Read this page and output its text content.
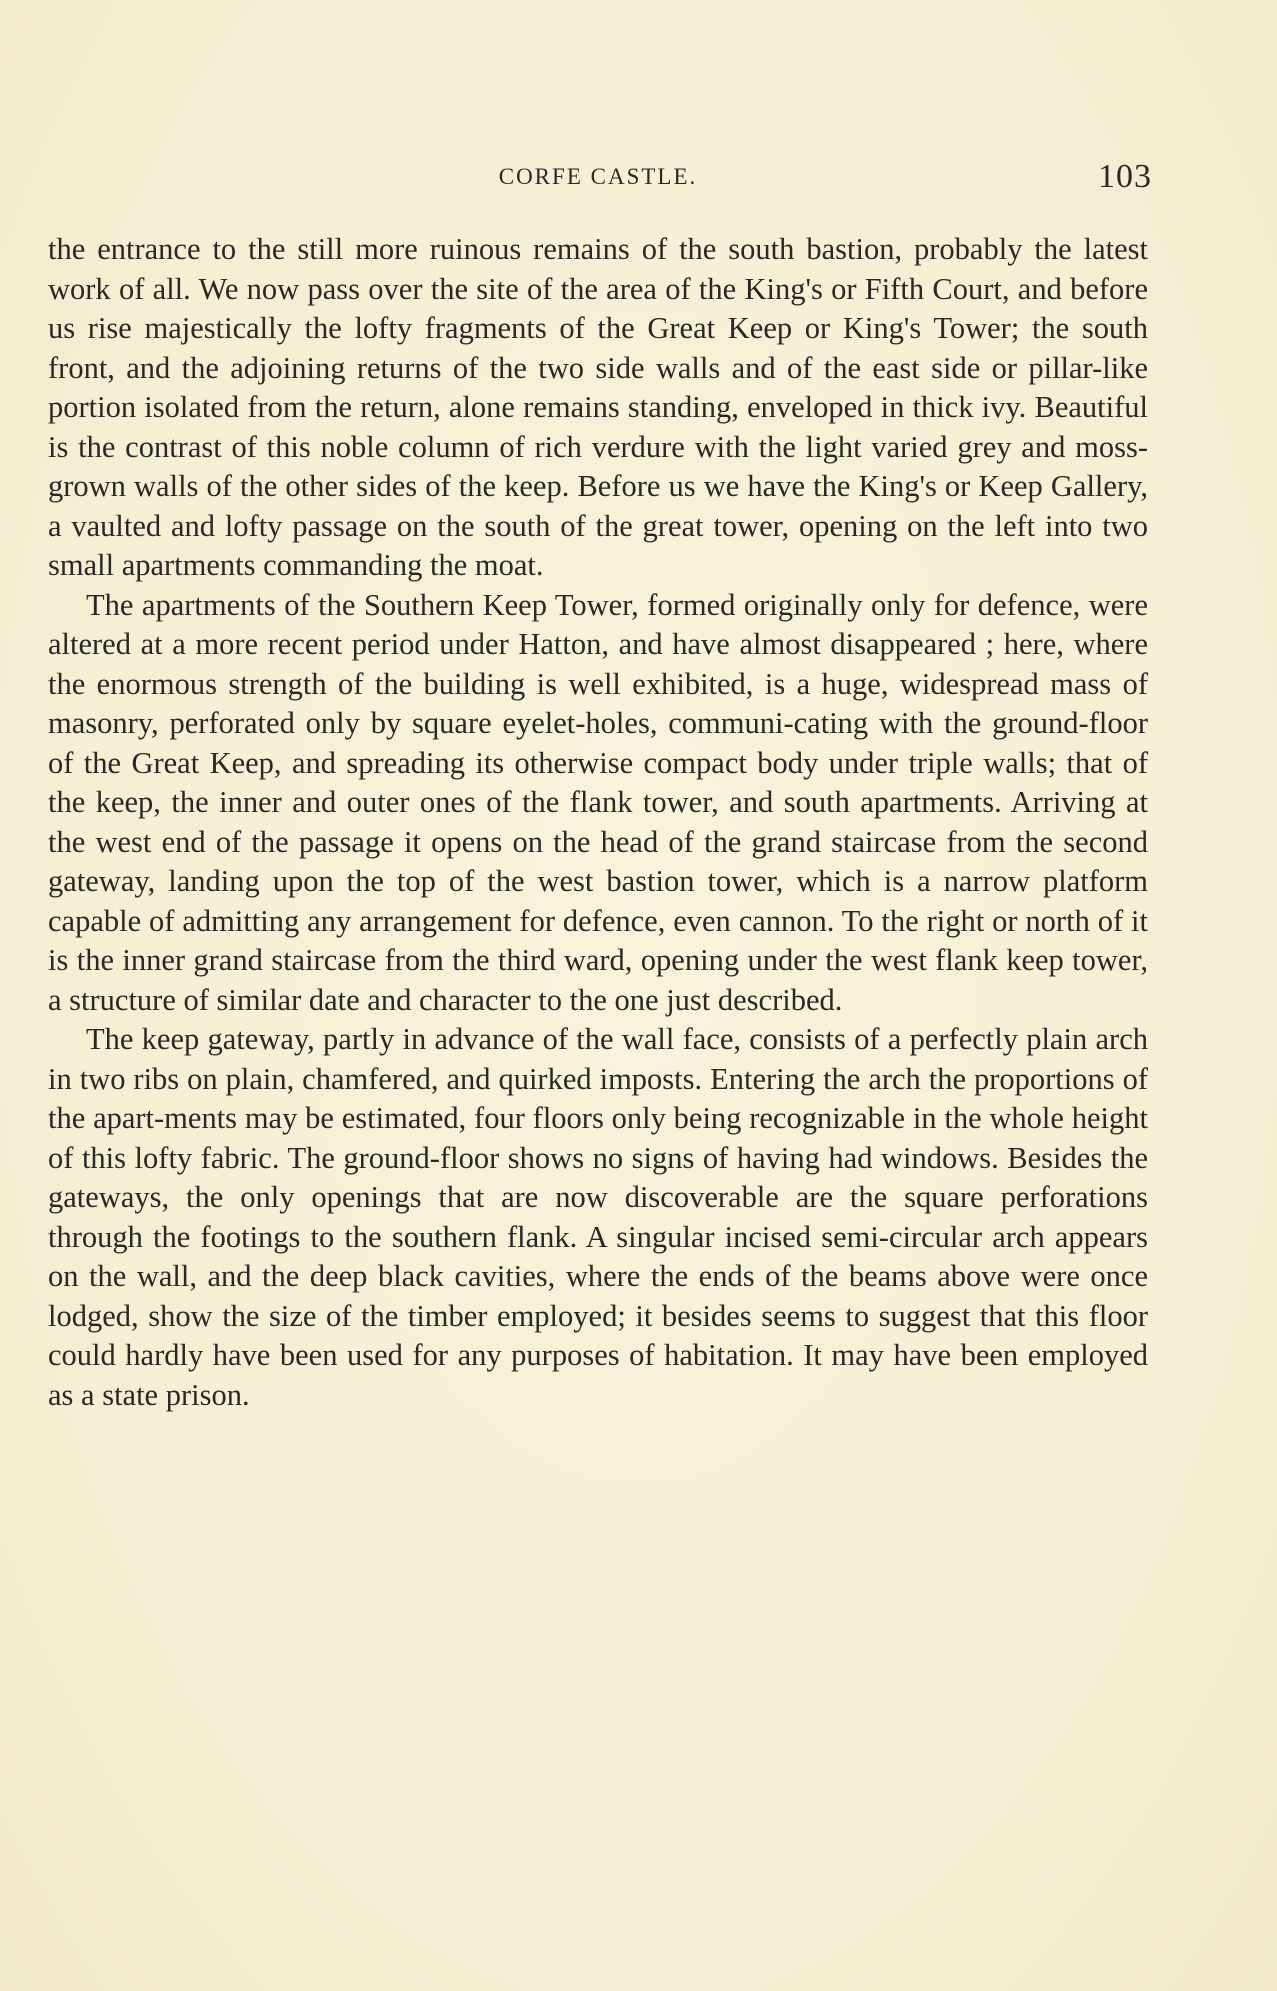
CORFE CASTLE.	103

the entrance to the still more ruinous remains of the south bastion, probably the latest work of all. We now pass over the site of the area of the King's or Fifth Court, and before us rise majestically the lofty fragments of the Great Keep or King's Tower; the south front, and the adjoining returns of the two side walls and of the east side or pillar-like portion isolated from the return, alone remains standing, enveloped in thick ivy. Beautiful is the contrast of this noble column of rich verdure with the light varied grey and moss-grown walls of the other sides of the keep. Before us we have the King's or Keep Gallery, a vaulted and lofty passage on the south of the great tower, opening on the left into two small apartments commanding the moat.

The apartments of the Southern Keep Tower, formed originally only for defence, were altered at a more recent period under Hatton, and have almost disappeared ; here, where the enormous strength of the building is well exhibited, is a huge, widespread mass of masonry, perforated only by square eyelet-holes, communi-cating with the ground-floor of the Great Keep, and spreading its otherwise compact body under triple walls; that of the keep, the inner and outer ones of the flank tower, and south apartments. Arriving at the west end of the passage it opens on the head of the grand staircase from the second gateway, landing upon the top of the west bastion tower, which is a narrow platform capable of admitting any arrangement for defence, even cannon. To the right or north of it is the inner grand staircase from the third ward, opening under the west flank keep tower, a structure of similar date and character to the one just described.

The keep gateway, partly in advance of the wall face, consists of a perfectly plain arch in two ribs on plain, chamfered, and quirked imposts. Entering the arch the proportions of the apart-ments may be estimated, four floors only being recognizable in the whole height of this lofty fabric. The ground-floor shows no signs of having had windows. Besides the gateways, the only openings that are now discoverable are the square perforations through the footings to the southern flank. A singular incised semi-circular arch appears on the wall, and the deep black cavities, where the ends of the beams above were once lodged, show the size of the timber employed; it besides seems to suggest that this floor could hardly have been used for any purposes of habitation. It may have been employed as a state prison.
